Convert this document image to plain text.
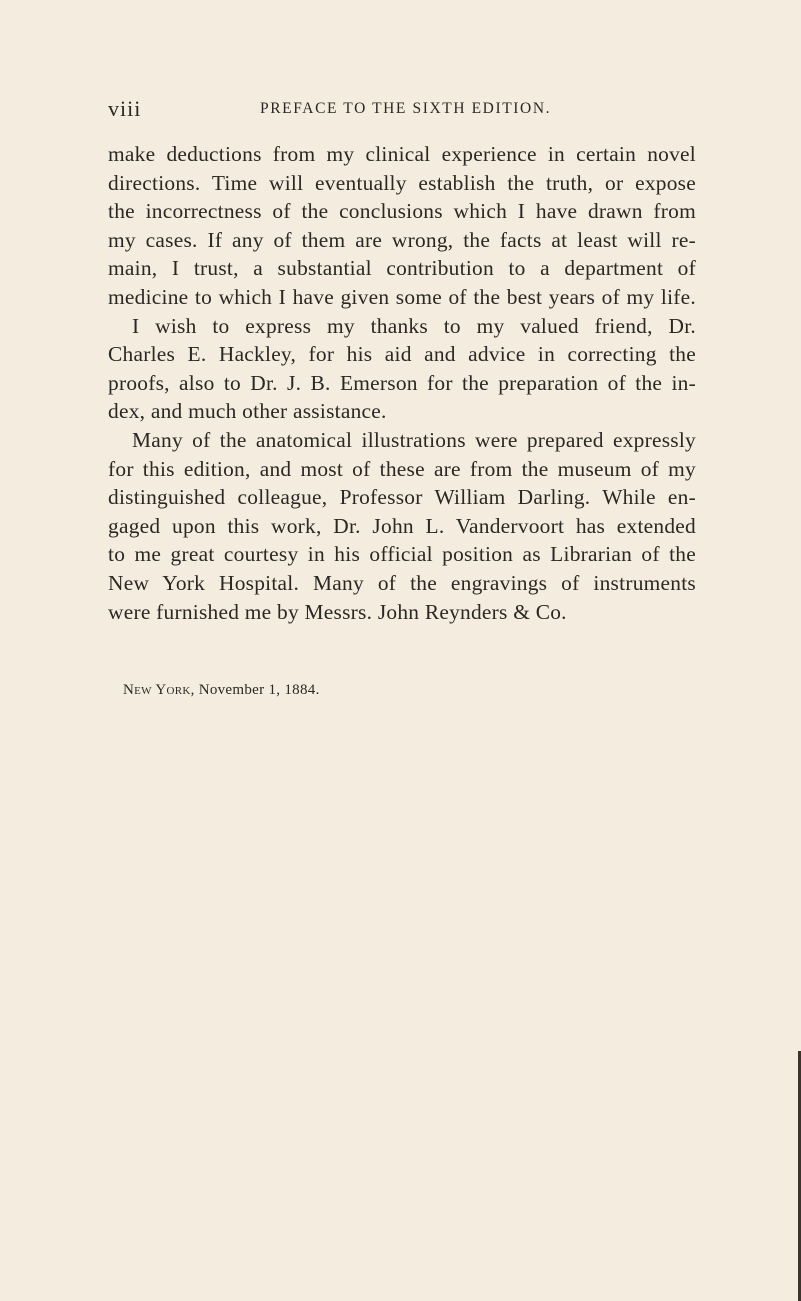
viii	PREFACE TO THE SIXTH EDITION.
make deductions from my clinical experience in certain novel
directions. Time will eventually establish the truth, or expose
the incorrectness of the conclusions which I have drawn from
my cases. If any of them are wrong, the facts at least will re-
main, I trust, a substantial contribution to a department of
medicine to which I have given some of the best years of my life.
I wish to express my thanks to my valued friend, Dr.
Charles E. Hackley, for his aid and advice in correcting the
proofs, also to Dr. J. B. Emerson for the preparation of the in-
dex, and much other assistance.
Many of the anatomical illustrations were prepared expressly
for this edition, and most of these are from the museum of my
distinguished colleague, Professor William Darling. While en-
gaged upon this work, Dr. John L. Vandervoort has extended
to me great courtesy in his official position as Librarian of the
New York Hospital. Many of the engravings of instruments
were furnished me by Messrs. John Reynders & Co.
New York, November 1, 1884.
